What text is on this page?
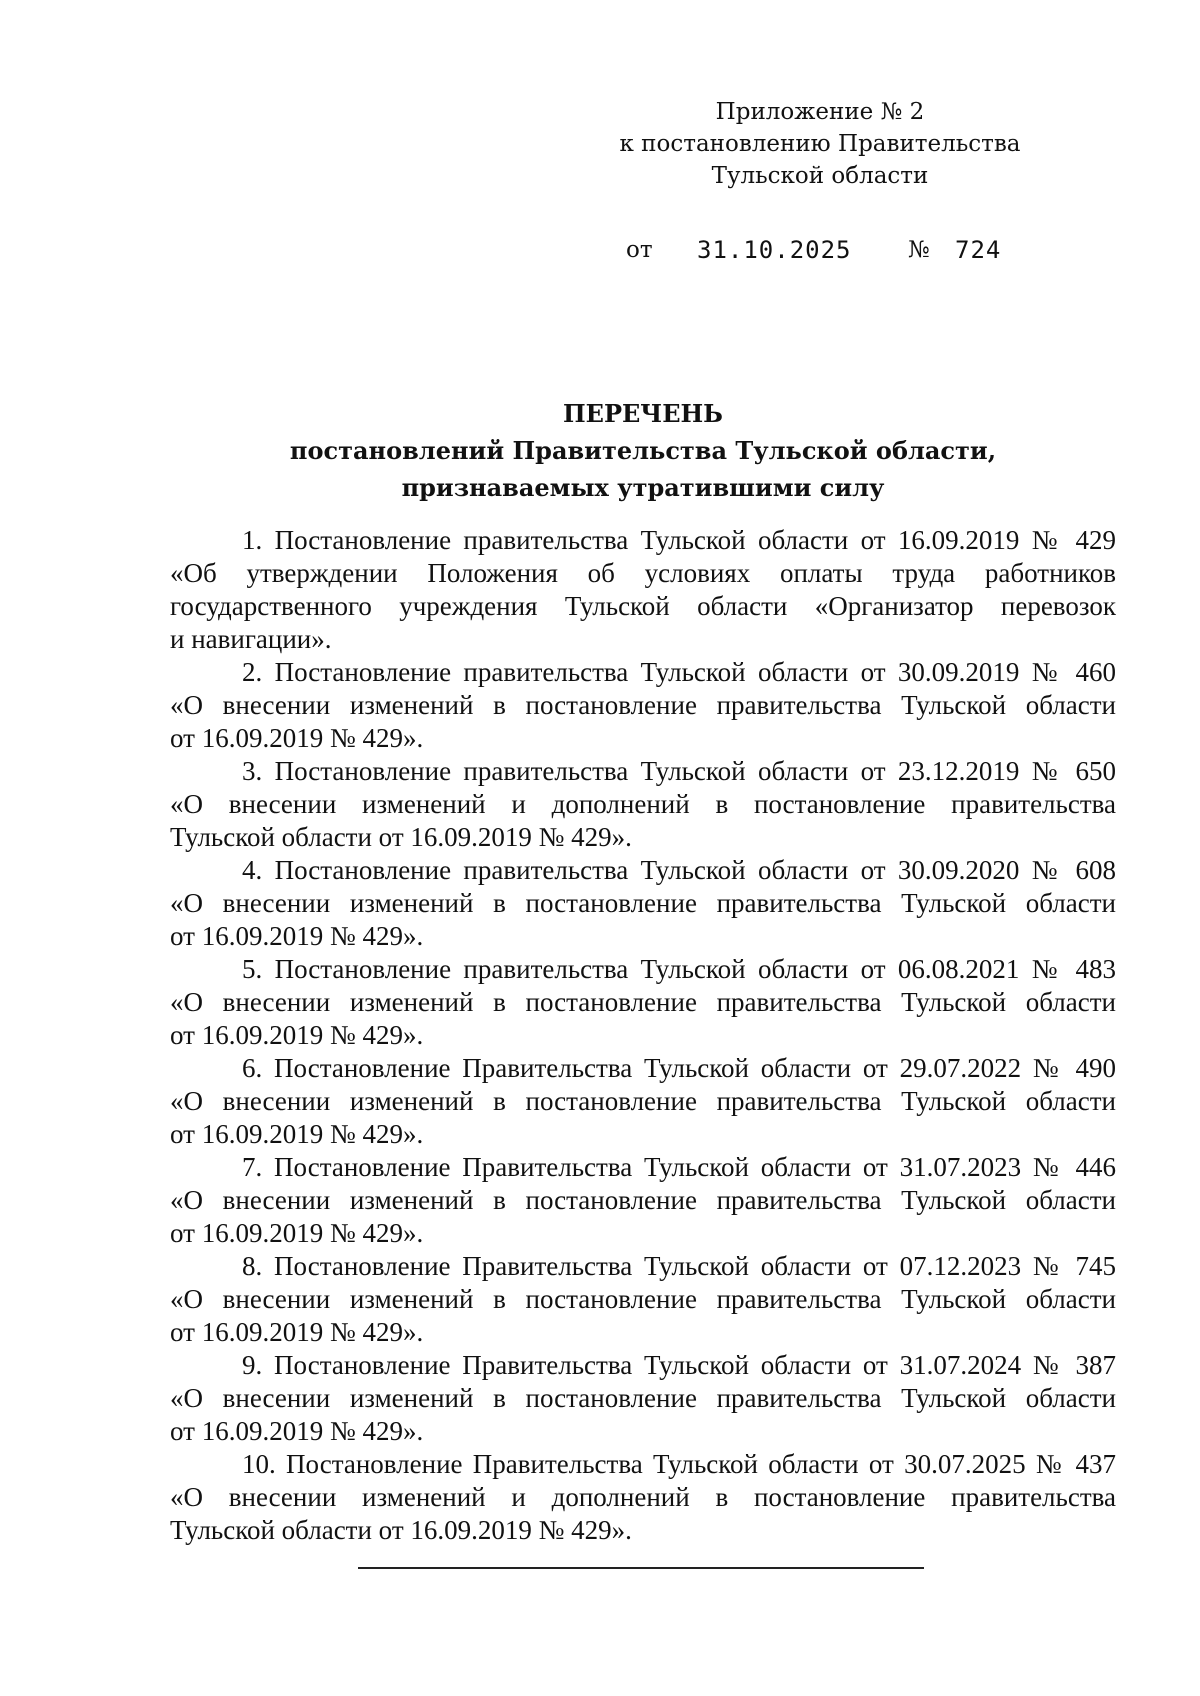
Приложение № 2
к постановлению Правительства
Тульской области
от 31.10.2025 № 724
ПЕРЕЧЕНЬ
постановлений Правительства Тульской области,
признаваемых утратившими силу
1. Постановление правительства Тульской области от 16.09.2019 № 429
«Об утверждении Положения об условиях оплаты труда работников
государственного учреждения Тульской области «Организатор перевозок
и навигации».
2. Постановление правительства Тульской области от 30.09.2019 № 460
«О внесении изменений в постановление правительства Тульской области
от 16.09.2019 № 429».
3. Постановление правительства Тульской области от 23.12.2019 № 650
«О внесении изменений и дополнений в постановление правительства
Тульской области от 16.09.2019 № 429».
4. Постановление правительства Тульской области от 30.09.2020 № 608
«О внесении изменений в постановление правительства Тульской области
от 16.09.2019 № 429».
5. Постановление правительства Тульской области от 06.08.2021 № 483
«О внесении изменений в постановление правительства Тульской области
от 16.09.2019 № 429».
6. Постановление Правительства Тульской области от 29.07.2022 № 490
«О внесении изменений в постановление правительства Тульской области
от 16.09.2019 № 429».
7. Постановление Правительства Тульской области от 31.07.2023 № 446
«О внесении изменений в постановление правительства Тульской области
от 16.09.2019 № 429».
8. Постановление Правительства Тульской области от 07.12.2023 № 745
«О внесении изменений в постановление правительства Тульской области
от 16.09.2019 № 429».
9. Постановление Правительства Тульской области от 31.07.2024 № 387
«О внесении изменений в постановление правительства Тульской области
от 16.09.2019 № 429».
10. Постановление Правительства Тульской области от 30.07.2025 № 437
«О внесении изменений и дополнений в постановление правительства
Тульской области от 16.09.2019 № 429».
